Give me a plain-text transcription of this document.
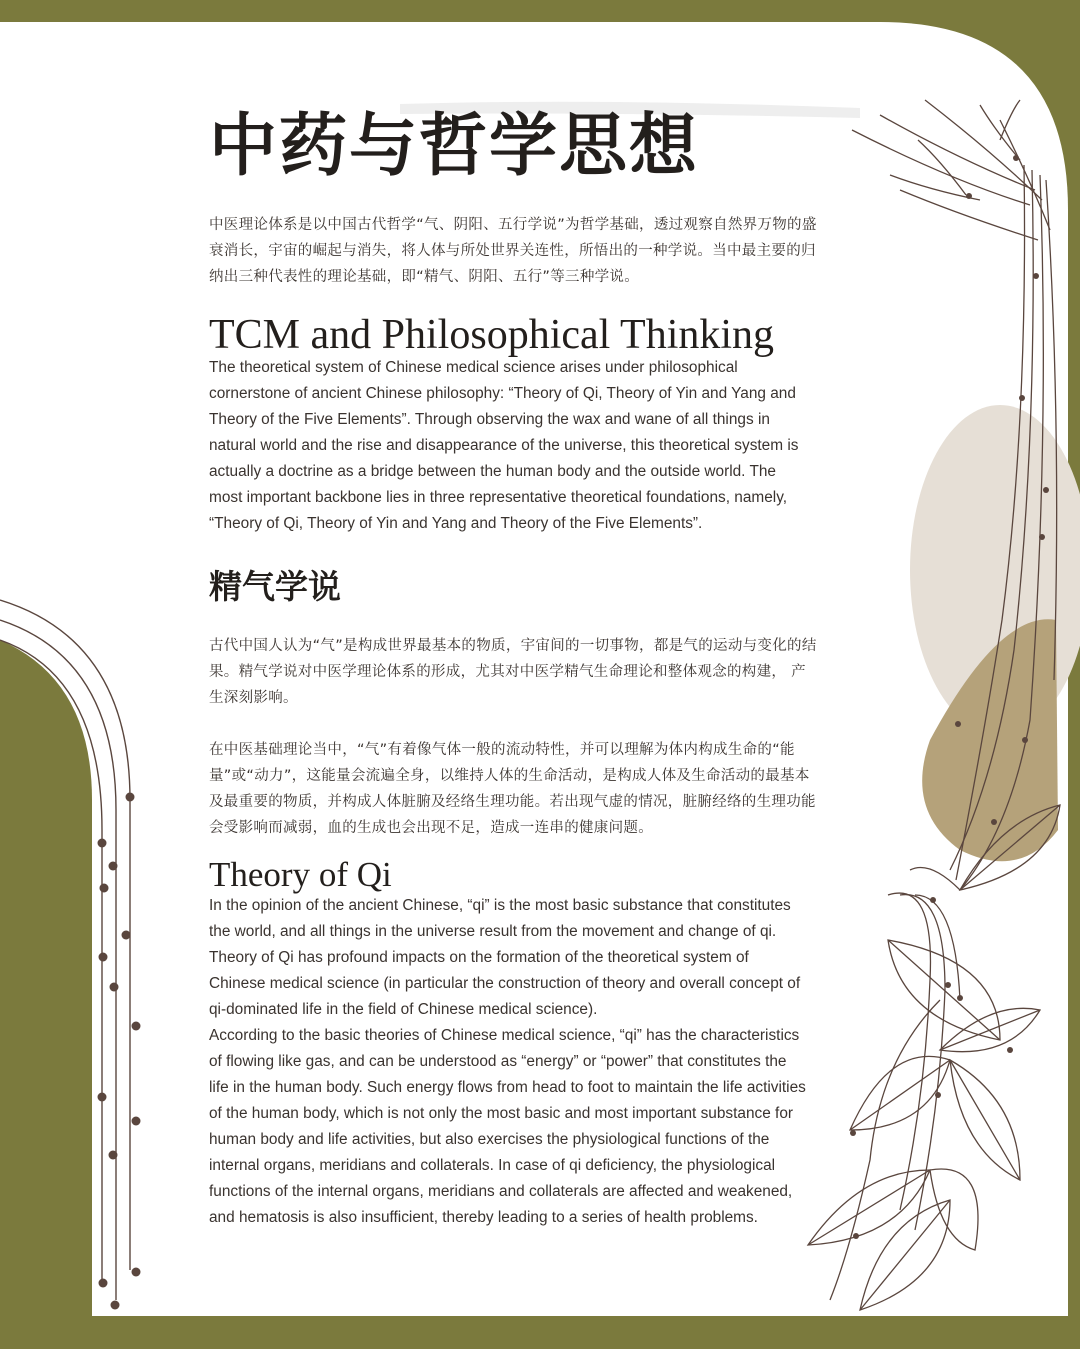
中药与哲学思想

中医理论体系是以中国古代哲学“气、阴阳、五行学说”为哲学基础，透过观察自然界万物的盛衰消长，宇宙的崛起与消失，将人体与所处世界关连性，所悟出的一种学说。当中最主要的归纳出三种代表性的理论基础，即“精气、阴阳、五行”等三种学说。

TCM and Philosophical Thinking
The theoretical system of Chinese medical science arises under philosophical cornerstone of ancient Chinese philosophy: “Theory of Qi, Theory of Yin and Yang and Theory of the Five Elements”. Through observing the wax and wane of all things in natural world and the rise and disappearance of the universe, this theoretical system is actually a doctrine as a bridge between the human body and the outside world. The most important backbone lies in three representative theoretical foundations, namely, “Theory of Qi, Theory of Yin and Yang and Theory of the Five Elements”.
精气学说
古代中国人认为“气”是构成世界最基本的物质，宇宙间的一切事物，都是气的运动与变化的结果。精气学说对中医学理论体系的形成，尤其对中医学精气生命理论和整体观念的构建， 产生深刻影响。
在中医基础理论当中，“气”有着像气体一般的流动特性，并可以理解为体内构成生命的“能量”或“动力”，这能量会流遍全身，以维持人体的生命活动，是构成人体及生命活动的最基本及最重要的物质，并构成人体脏腑及经络生理功能。若出现气虚的情况，脏腑经络的生理功能会受影响而减弱，血的生成也会出现不足，造成一连串的健康问题。
Theory of Qi
In the opinion of the ancient Chinese, “qi” is the most basic substance that constitutes the world, and all things in the universe result from the movement and change of qi. Theory of Qi has profound impacts on the formation of the theoretical system of Chinese medical science (in particular the construction of theory and overall concept of qi-dominated life in the field of Chinese medical science).
According to the basic theories of Chinese medical science, “qi” has the characteristics of flowing like gas, and can be understood as “energy” or “power” that constitutes the life in the human body. Such energy flows from head to foot to maintain the life activities of the human body, which is not only the most basic and most important substance for human body and life activities, but also exercises the physiological functions of the internal organs, meridians and collaterals. In case of qi deficiency, the physiological functions of the internal organs, meridians and collaterals are affected and weakened, and hematosis is also insufficient, thereby leading to a series of health problems.
